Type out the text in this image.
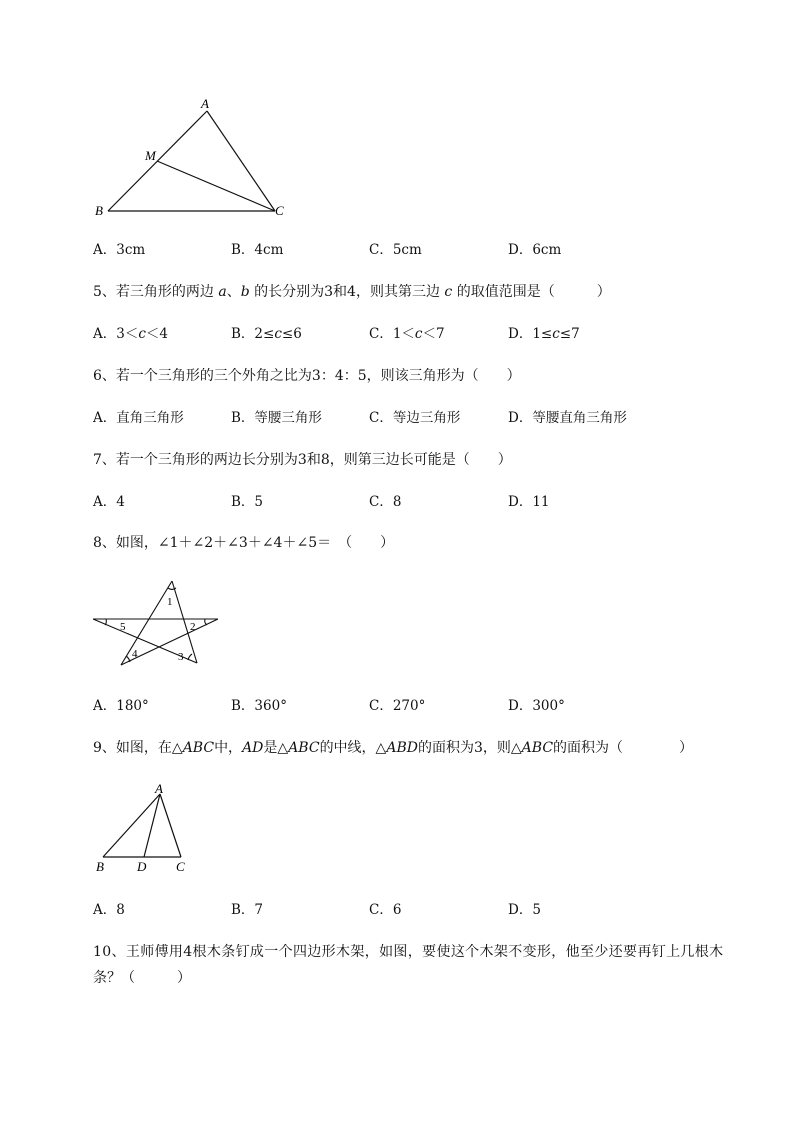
A
M
B	C
A．3cm	B．4cm	C．5cm	D．6cm
5、若三角形的两边 a、b 的长分别为3和4，则其第三边 c 的取值范围是（　　　）
A．3＜c＜4	B．2≤c≤6	C．1＜c＜7	D．1≤c≤7
6、若一个三角形的三个外角之比为3：4：5，则该三角形为（　　）
A．直角三角形	B．等腰三角形	C．等边三角形	D．等腰直角三角形
7、若一个三角形的两边长分别为3和8，则第三边长可能是（　　）
A．4	B．5	C．8	D．11
8、如图，∠1＋∠2＋∠3＋∠4＋∠5＝　（　　）
1
2
3
4
5
A．180°	B．360°	C．270°	D．300°
9、如图，在△ABC中，AD是△ABC的中线，△ABD的面积为3，则△ABC的面积为（　　　　）
A
B	D C
A．8	B．7	C．6	D．5
10、王师傅用4根木条钉成一个四边形木架，如图，要使这个木架不变形，他至少还要再钉上几根木
条？（　　　）
